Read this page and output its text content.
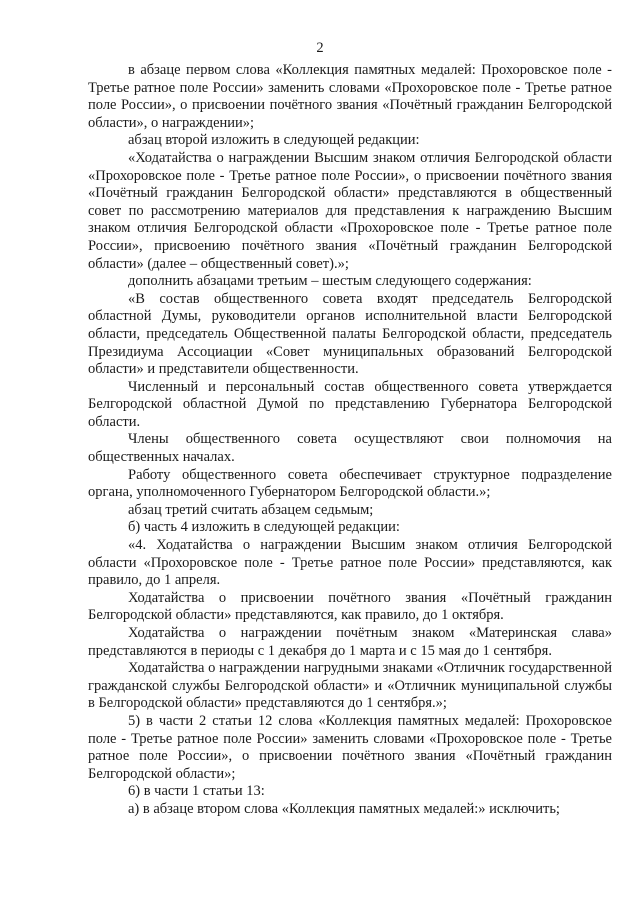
2

в абзаце первом слова «Коллекция памятных медалей: Прохоровское поле - Третье ратное поле России» заменить словами «Прохоровское поле - Третье ратное поле России», о присвоении почётного звания «Почётный гражданин Белгородской области», о награждении»;

абзац второй изложить в следующей редакции:

«Ходатайства о награждении Высшим знаком отличия Белгородской области «Прохоровское поле - Третье ратное поле России», о присвоении почётного звания «Почётный гражданин Белгородской области» представляются в общественный совет по рассмотрению материалов для представления к награждению Высшим знаком отличия Белгородской области «Прохоровское поле - Третье ратное поле России», присвоению почётного звания «Почётный гражданин Белгородской области» (далее – общественный совет).»;

дополнить абзацами третьим – шестым следующего содержания:

«В состав общественного совета входят председатель Белгородской областной Думы, руководители органов исполнительной власти Белгородской области, председатель Общественной палаты Белгородской области, председатель Президиума Ассоциации «Совет муниципальных образований Белгородской области» и представители общественности.

Численный и персональный состав общественного совета утверждается Белгородской областной Думой по представлению Губернатора Белгородской области.

Члены общественного совета осуществляют свои полномочия на общественных началах.

Работу общественного совета обеспечивает структурное подразделение органа, уполномоченного Губернатором Белгородской области.»;

абзац третий считать абзацем седьмым;

б) часть 4 изложить в следующей редакции:

«4. Ходатайства о награждении Высшим знаком отличия Белгородской области «Прохоровское поле - Третье ратное поле России» представляются, как правило, до 1 апреля.

Ходатайства о присвоении почётного звания «Почётный гражданин Белгородской области» представляются, как правило, до 1 октября.

Ходатайства о награждении почётным знаком «Материнская слава» представляются в периоды с 1 декабря до 1 марта и с 15 мая до 1 сентября.

Ходатайства о награждении нагрудными знаками «Отличник государственной гражданской службы Белгородской области» и «Отличник муниципальной службы в Белгородской области» представляются до 1 сентября.»;

5) в части 2 статьи 12 слова «Коллекция памятных медалей: Прохоровское поле - Третье ратное поле России» заменить словами «Прохоровское поле - Третье ратное поле России», о присвоении почётного звания «Почётный гражданин Белгородской области»;

6) в части 1 статьи 13:

а) в абзаце втором слова «Коллекция памятных медалей:» исключить;
